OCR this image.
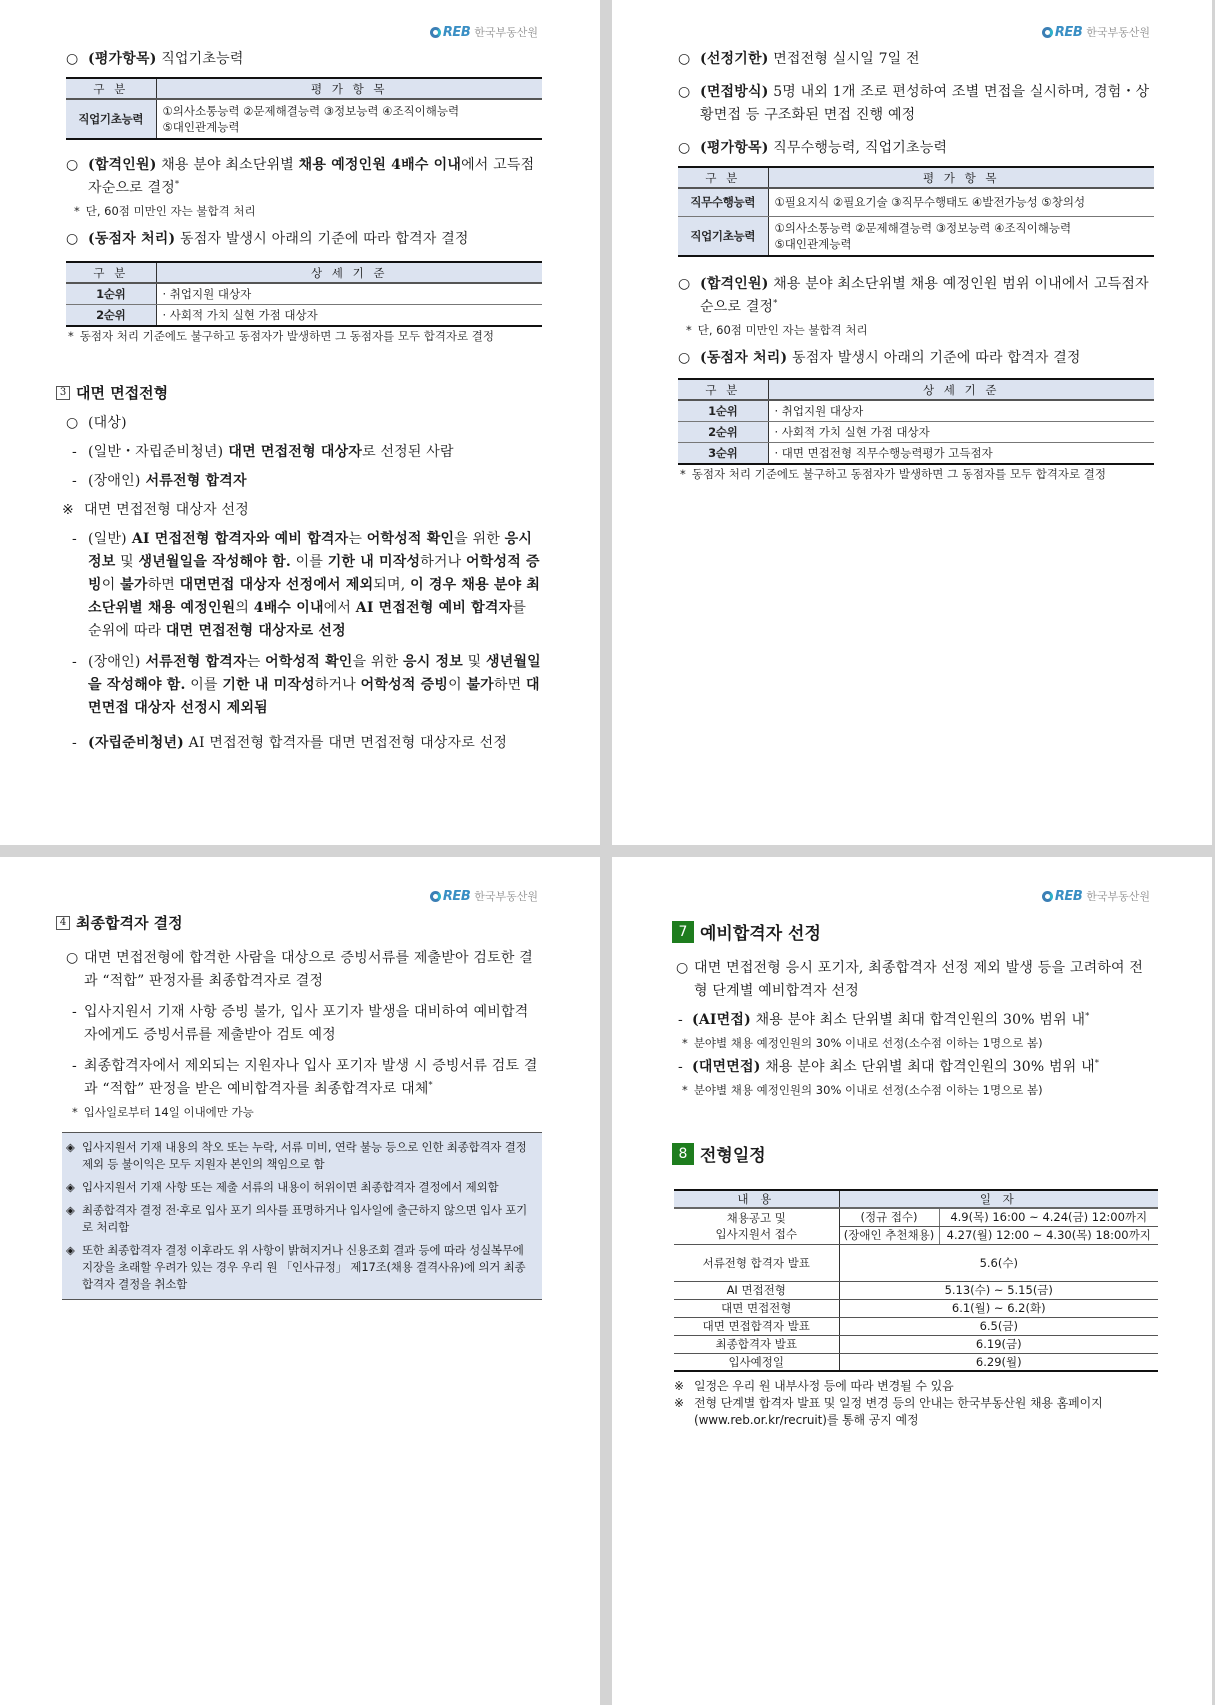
REB 한국부동산원
○ (평가항목) 직업기초능력
구 분	평 가 항 목
직업기초능력	①의사소통능력 ②문제해결능력 ③정보능력 ④조직이해능력
⑤대인관계능력
○ (합격인원) 채용 분야 최소단위별 채용 예정인원 4배수 이내에서 고득점자순으로 결정*
* 단, 60점 미만인 자는 불합격 처리
○ (동점자 처리) 동점자 발생시 아래의 기준에 따라 합격자 결정
구 분	상 세 기 준
1순위	· 취업지원 대상자
2순위	· 사회적 가치 실현 가점 대상자
* 동점자 처리 기준에도 불구하고 동점자가 발생하면 그 동점자를 모두 합격자로 결정
3 대면 면접전형
○ (대상)
- (일반・자립준비청년) 대면 면접전형 대상자로 선정된 사람
- (장애인) 서류전형 합격자
※ 대면 면접전형 대상자 선정
- (일반) AI 면접전형 합격자와 예비 합격자는 어학성적 확인을 위한 응시 정보 및 생년월일을 작성해야 함. 이를 기한 내 미작성하거나 어학성적 증빙이 불가하면 대면면접 대상자 선정에서 제외되며, 이 경우 채용 분야 최소단위별 채용 예정인원의 4배수 이내에서 AI 면접전형 예비 합격자를 순위에 따라 대면 면접전형 대상자로 선정
- (장애인) 서류전형 합격자는 어학성적 확인을 위한 응시 정보 및 생년월일을 작성해야 함. 이를 기한 내 미작성하거나 어학성적 증빙이 불가하면 대면면접 대상자 선정시 제외됨
- (자립준비청년) AI 면접전형 합격자를 대면 면접전형 대상자로 선정
REB 한국부동산원
○ (선정기한) 면접전형 실시일 7일 전
○ (면접방식) 5명 내외 1개 조로 편성하여 조별 면접을 실시하며, 경험・상황면접 등 구조화된 면접 진행 예정
○ (평가항목) 직무수행능력, 직업기초능력
구 분	평 가 항 목
직무수행능력	①필요지식 ②필요기술 ③직무수행태도 ④발전가능성 ⑤창의성

직업기초능력	①의사소통능력 ②문제해결능력 ③정보능력 ④조직이해능력
⑤대인관계능력
○ (합격인원) 채용 분야 최소단위별 채용 예정인원 범위 이내에서 고득점자순으로 결정*
* 단, 60점 미만인 자는 불합격 처리
○ (동점자 처리) 동점자 발생시 아래의 기준에 따라 합격자 결정
구 분	상 세 기 준
1순위	· 취업지원 대상자
2순위	· 사회적 가치 실현 가점 대상자
3순위	· 대면 면접전형 직무수행능력평가 고득점자
* 동점자 처리 기준에도 불구하고 동점자가 발생하면 그 동점자를 모두 합격자로 결정
REB 한국부동산원
4 최종합격자 결정
○ 대면 면접전형에 합격한 사람을 대상으로 증빙서류를 제출받아 검토한 결과 “적합” 판정자를 최종합격자로 결정
- 입사지원서 기재 사항 증빙 불가, 입사 포기자 발생을 대비하여 예비합격자에게도 증빙서류를 제출받아 검토 예정
- 최종합격자에서 제외되는 지원자나 입사 포기자 발생 시 증빙서류 검토 결과 “적합” 판정을 받은 예비합격자를 최종합격자로 대체*
* 입사일로부터 14일 이내에만 가능
◈ 입사지원서 기재 내용의 착오 또는 누락, 서류 미비, 연락 불능 등으로 인한 최종합격자 결정 제외 등 불이익은 모두 지원자 본인의 책임으로 함
◈ 입사지원서 기재 사항 또는 제출 서류의 내용이 허위이면 최종합격자 결정에서 제외함
◈ 최종합격자 결정 전·후로 입사 포기 의사를 표명하거나 입사일에 출근하지 않으면 입사 포기로 처리함
◈ 또한 최종합격자 결정 이후라도 위 사항이 밝혀지거나 신용조회 결과 등에 따라 성실복무에 지장을 초래할 우려가 있는 경우 우리 원 「인사규정」 제17조(채용 결격사유)에 의거 최종합격자 결정을 취소함
REB 한국부동산원
7 예비합격자 선정
○ 대면 면접전형 응시 포기자, 최종합격자 선정 제외 발생 등을 고려하여 전형 단계별 예비합격자 선정
- (AI면접) 채용 분야 최소 단위별 최대 합격인원의 30% 범위 내*
* 분야별 채용 예정인원의 30% 이내로 선정(소수점 이하는 1명으로 봄)
- (대면면접) 채용 분야 최소 단위별 최대 합격인원의 30% 범위 내*
* 분야별 채용 예정인원의 30% 이내로 선정(소수점 이하는 1명으로 봄)
8 전형일정
내 용	일 자	

채용공고 및
입사지원서 접수	(정규 접수)	4.9(목) 16:00 ~ 4.24(금) 12:00까지
	(장애인 추천채용)	4.27(월) 12:00 ~ 4.30(목) 18:00까지
서류전형 합격자 발표	5.6(수)	
AI 면접전형	5.13(수) ~ 5.15(금)	
대면 면접전형	6.1(월) ~ 6.2(화)	
대면 면접합격자 발표	6.5(금)	
최종합격자 발표	6.19(금)	
입사예정일	6.29(월)	
※ 일정은 우리 원 내부사정 등에 따라 변경될 수 있음
※ 전형 단계별 합격자 발표 및 일정 변경 등의 안내는 한국부동산원 채용 홈페이지 (www.reb.or.kr/recruit)를 통해 공지 예정
